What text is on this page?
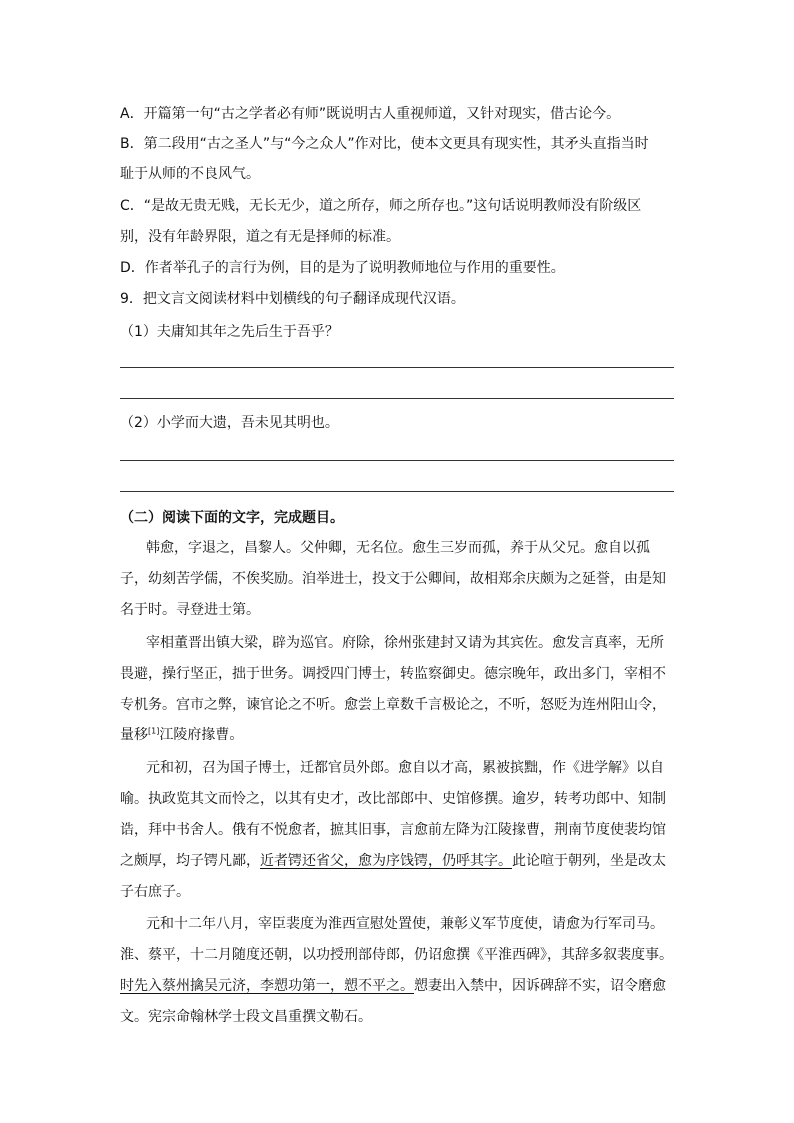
A．开篇第一句“古之学者必有师”既说明古人重视师道，又针对现实，借古论今。
B．第二段用“古之圣人”与“今之众人”作对比，使本文更具有现实性，其矛头直指当时
耻于从师的不良风气。
C．“是故无贵无贱，无长无少，道之所存，师之所存也。”这句话说明教师没有阶级区
别，没有年龄界限，道之有无是择师的标准。
D．作者举孔子的言行为例，目的是为了说明教师地位与作用的重要性。
9．把文言文阅读材料中划横线的句子翻译成现代汉语。
（1）夫庸知其年之先后生于吾乎？
（2）小学而大遗，吾未见其明也。
（二）阅读下面的文字，完成题目。
韩愈，字退之，昌黎人。父仲卿，无名位。愈生三岁而孤，养于从父兄。愈自以孤
子，幼刻苦学儒，不俟奖励。洎举进士，投文于公卿间，故相郑余庆颇为之延誉，由是知
名于时。寻登进士第。
宰相董晋出镇大梁，辟为巡官。府除，徐州张建封又请为其宾佐。愈发言真率，无所
畏避，操行坚正，拙于世务。调授四门博士，转监察御史。德宗晚年，政出多门，宰相不
专机务。宫市之弊，谏官论之不听。愈尝上章数千言极论之，不听，怒贬为连州阳山令，
量移[1]江陵府掾曹。
元和初，召为国子博士，迁都官员外郎。愈自以才高，累被摈黜，作《进学解》以自
喻。执政览其文而怜之，以其有史才，改比部郎中、史馆修撰。逾岁，转考功郎中、知制
诰，拜中书舍人。俄有不悦愈者，摭其旧事，言愈前左降为江陵掾曹，荆南节度使裴均馆
之颇厚，均子锷凡鄙，近者锷还省父，愈为序饯锷，仍呼其字。此论喧于朝列，坐是改太
子右庶子。
元和十二年八月，宰臣裴度为淮西宣慰处置使，兼彰义军节度使，请愈为行军司马。
淮、蔡平，十二月随度还朝，以功授刑部侍郎，仍诏愈撰《平淮西碑》，其辞多叙裴度事。
时先入蔡州擒吴元济，李愬功第一，愬不平之。愬妻出入禁中，因诉碑辞不实，诏令磨愈
文。宪宗命翰林学士段文昌重撰文勒石。
